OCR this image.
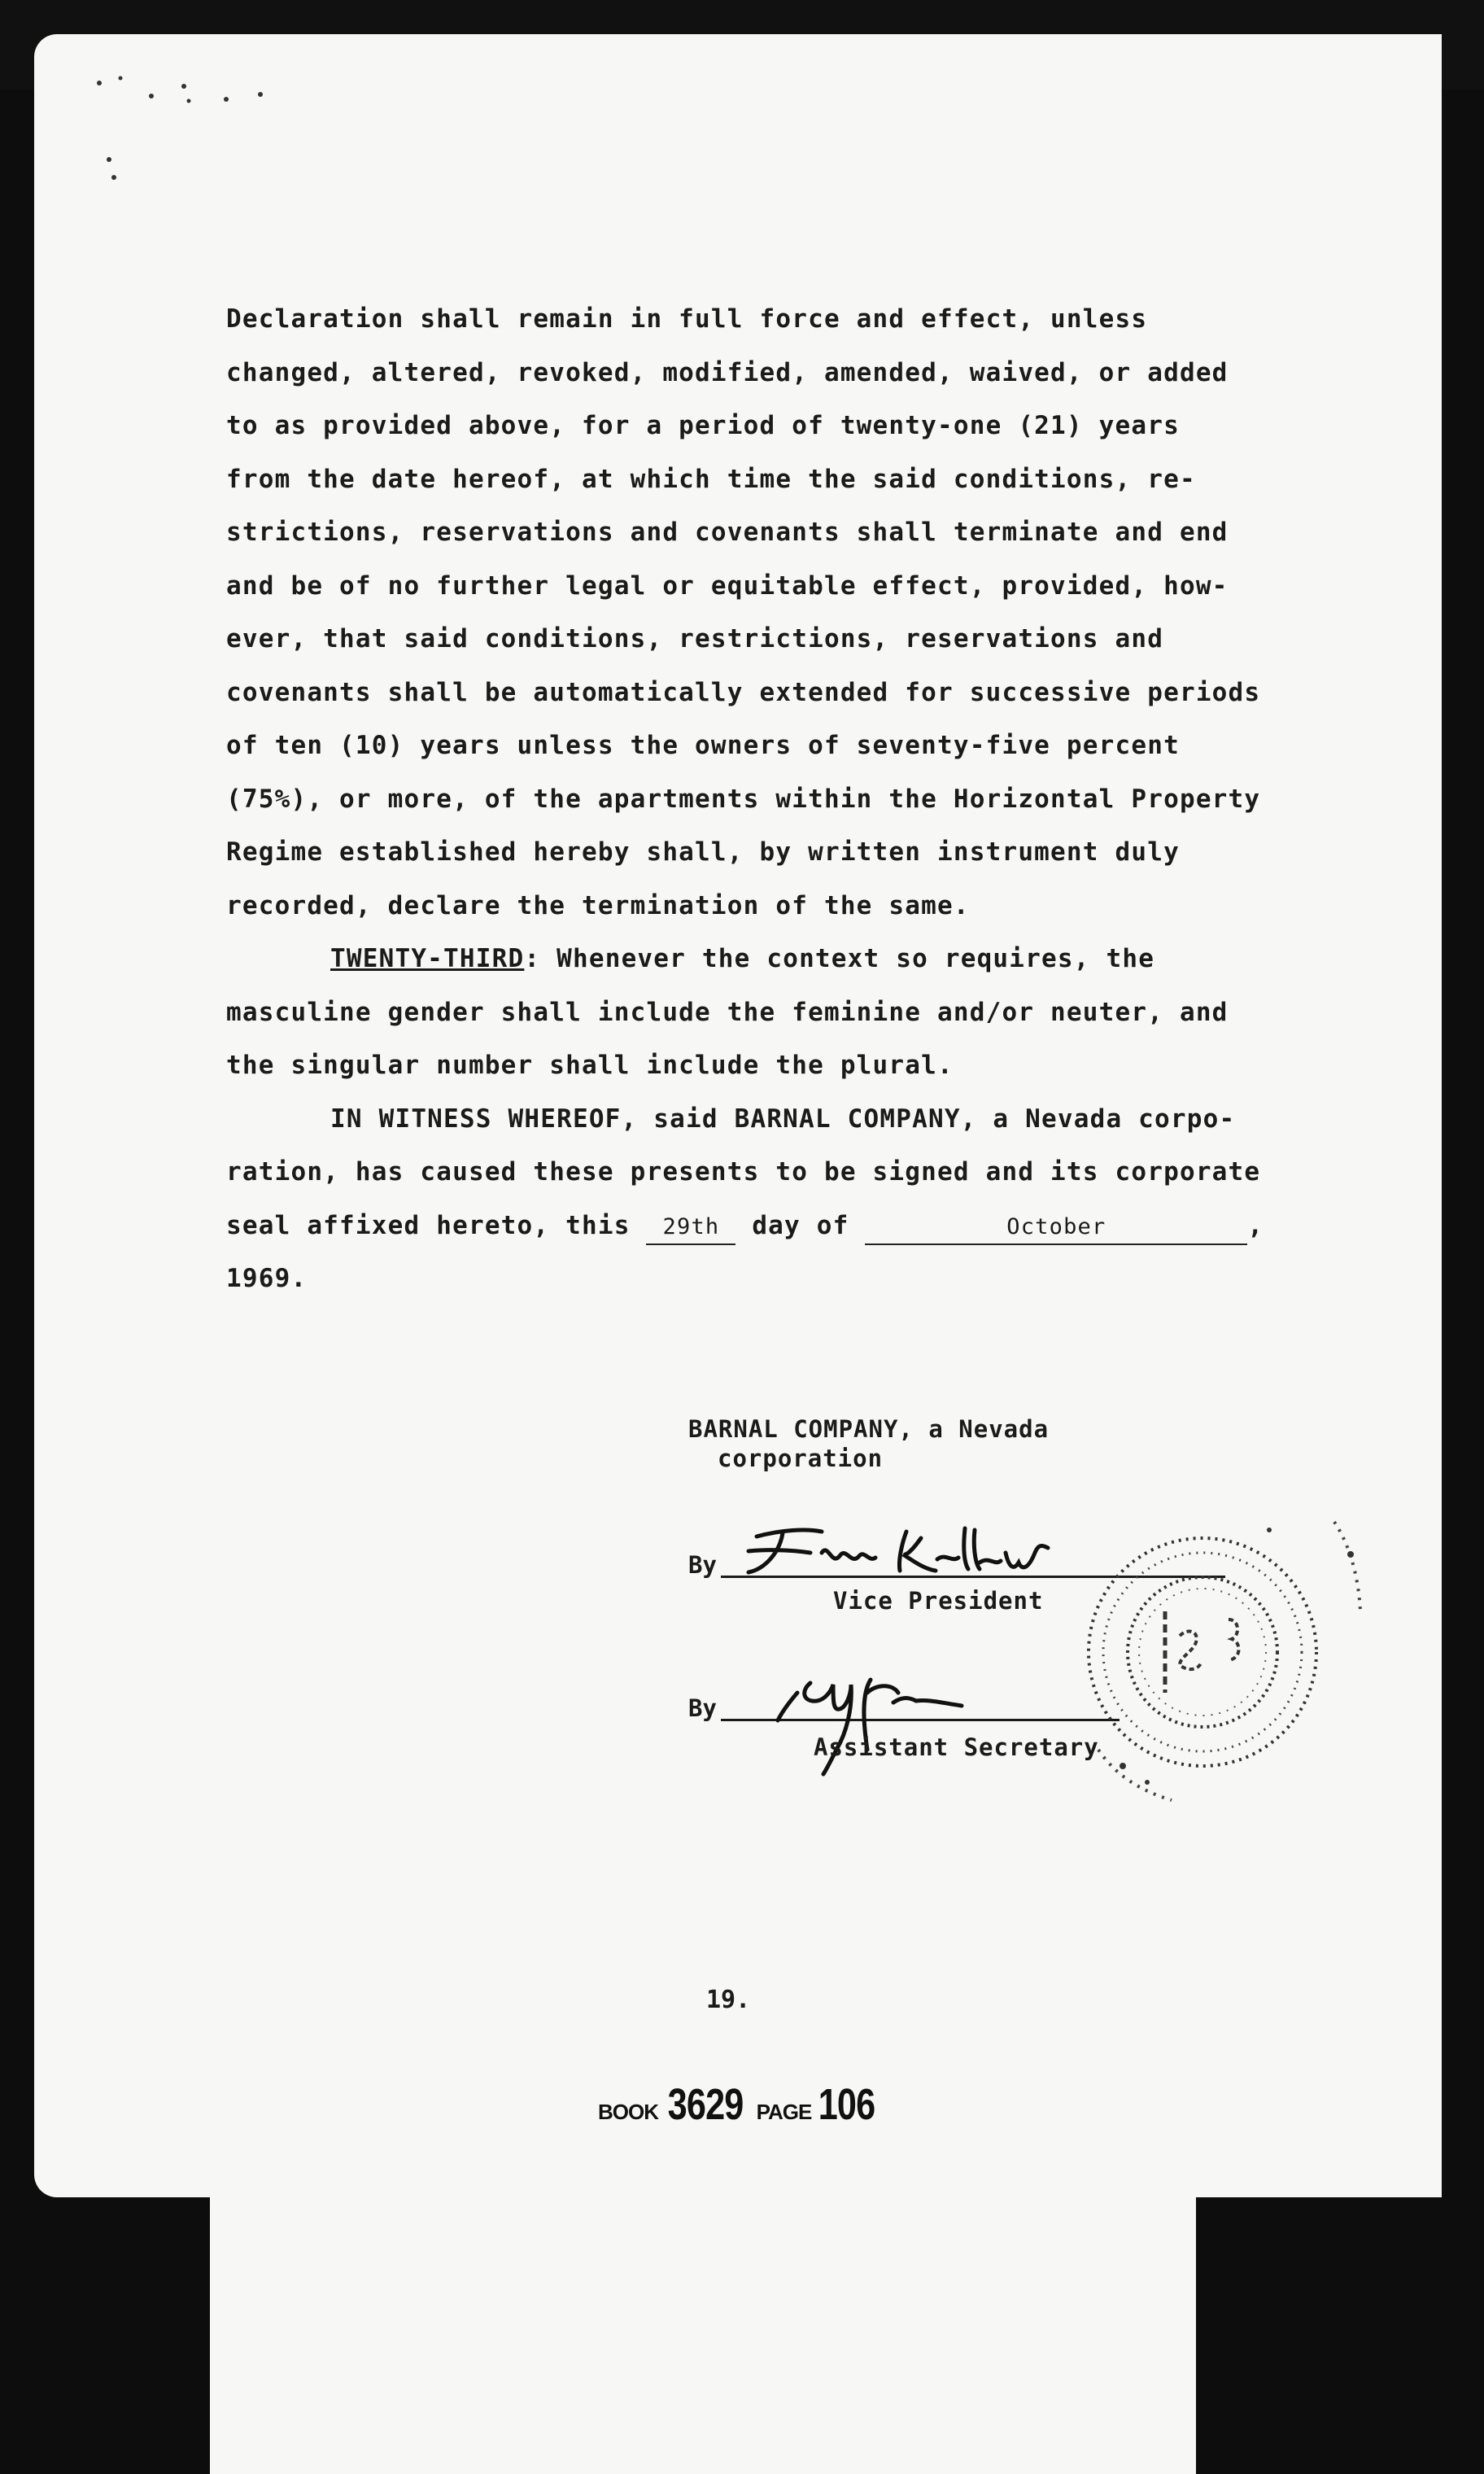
Declaration shall remain in full force and effect, unless

changed, altered, revoked, modified, amended, waived, or added

to as provided above, for a period of twenty-one (21) years

from the date hereof, at which time the said conditions, re-

strictions, reservations and covenants shall terminate and end

and be of no further legal or equitable effect, provided, how-

ever, that said conditions, restrictions, reservations and

covenants shall be automatically extended for successive periods

of ten (10) years unless the owners of seventy-five percent

(75%), or more, of the apartments within the Horizontal Property

Regime established hereby shall, by written instrument duly

recorded, declare the termination of the same.

TWENTY-THIRD: Whenever the context so requires, the

masculine gender shall include the feminine and/or neuter, and

the singular number shall include the plural.

IN WITNESS WHEREOF, said BARNAL COMPANY, a Nevada corpo-

ration, has caused these presents to be signed and its corporate

seal affixed hereto, this 29th day of	October	,

1969.

BARNAL COMPANY, a Nevada
corporation
By
Vice President
By
Assistant Secretary
19.
BOOK 3629 PAGE 106
